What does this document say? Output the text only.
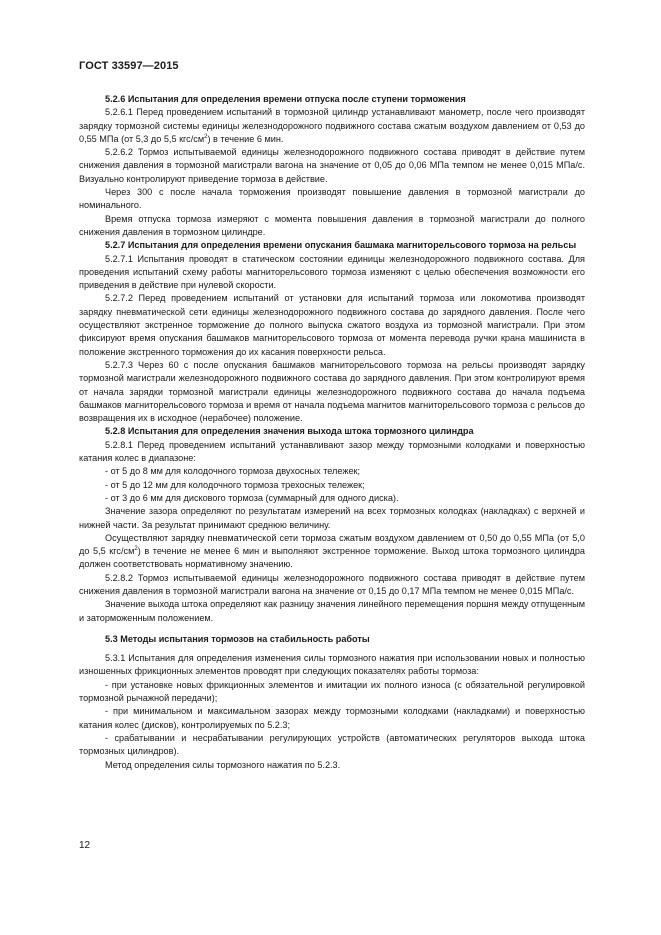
ГОСТ 33597—2015

5.2.6 Испытания для определения времени отпуска после ступени торможения

5.2.6.1 Перед проведением испытаний в тормозной цилиндр устанавливают манометр, после чего производят зарядку тормозной системы единицы железнодорожного подвижного состава сжатым воздухом давлением от 0,53 до 0,55 МПа (от 5,3 до 5,5 кгс/$см^2$) в течение 6 мин.

5.2.6.2 Тормоз испытываемой единицы железнодорожного подвижного состава приводят в действие путем снижения давления в тормозной магистрали вагона на значение от 0,05 до 0,06 МПа темпом не менее 0,015 МПа/с. Визуально контролируют приведение тормоза в действие.

Через 300 с после начала торможения производят повышение давления в тормозной магистрали до номинального.

Время отпуска тормоза измеряют с момента повышения давления в тормозной магистрали до полного снижения давления в тормозном цилиндре.

5.2.7 Испытания для определения времени опускания башмака магниторельсового тормоза на рельсы

5.2.7.1 Испытания проводят в статическом состоянии единицы железнодорожного подвижного состава. Для проведения испытаний схему работы магниторельсового тормоза изменяют с целью обеспечения возможности его приведения в действие при нулевой скорости.

5.2.7.2 Перед проведением испытаний от установки для испытаний тормоза или локомотива производят зарядку пневматической сети единицы железнодорожного подвижного состава до зарядного давления. После чего осуществляют экстренное торможение до полного выпуска сжатого воздуха из тормозной магистрали. При этом фиксируют время опускания башмаков магниторельсового тормоза от момента перевода ручки крана машиниста в положение экстренного торможения до их касания поверхности рельса.

5.2.7.3 Через 60 с после опускания башмаков магниторельсового тормоза на рельсы производят зарядку тормозной магистрали железнодорожного подвижного состава до зарядного давления. При этом контролируют время от начала зарядки тормозной магистрали единицы железнодорожного подвижного состава до начала подъема башмаков магниторельсового тормоза и время от начала подъема магнитов магниторельсового тормоза с рельсов до возвращения их в исходное (нерабочее) положение.

5.2.8 Испытания для определения значения выхода штока тормозного цилиндра

5.2.8.1 Перед проведением испытаний устанавливают зазор между тормозными колодками и поверхностью катания колес в диапазоне:

- от 5 до 8 мм для колодочного тормоза двухосных тележек;

- от 5 до 12 мм для колодочного тормоза трехосных тележек;

- от 3 до 6 мм для дискового тормоза (суммарный для одного диска).

Значение зазора определяют по результатам измерений на всех тормозных колодках (накладках) с верхней и нижней части. За результат принимают среднюю величину.

Осуществляют зарядку пневматической сети тормоза сжатым воздухом давлением от 0,50 до 0,55 МПа (от 5,0 до 5,5 кгс/$см^2$) в течение не менее 6 мин и выполняют экстренное торможение. Выход штока тормозного цилиндра должен соответствовать нормативному значению.

5.2.8.2 Тормоз испытываемой единицы железнодорожного подвижного состава приводят в действие путем снижения давления в тормозной магистрали вагона на значение от 0,15 до 0,17 МПа темпом не менее 0,015 МПа/с.

Значение выхода штока определяют как разницу значения линейного перемещения поршня между отпущенным и заторможенным положением.

5.3 Методы испытания тормозов на стабильность работы

5.3.1 Испытания для определения изменения силы тормозного нажатия при использовании новых и полностью изношенных фрикционных элементов проводят при следующих показателях работы тормоза:

- при установке новых фрикционных элементов и имитации их полного износа (с обязательной регулировкой тормозной рычажной передачи);

- при минимальном и максимальном зазорах между тормозными колодками (накладками) и поверхностью катания колес (дисков), контролируемых по 5.2.3;

- срабатывании и несрабатывании регулирующих устройств (автоматических регуляторов выхода штока тормозных цилиндров).

Метод определения силы тормозного нажатия по 5.2.3.

12
